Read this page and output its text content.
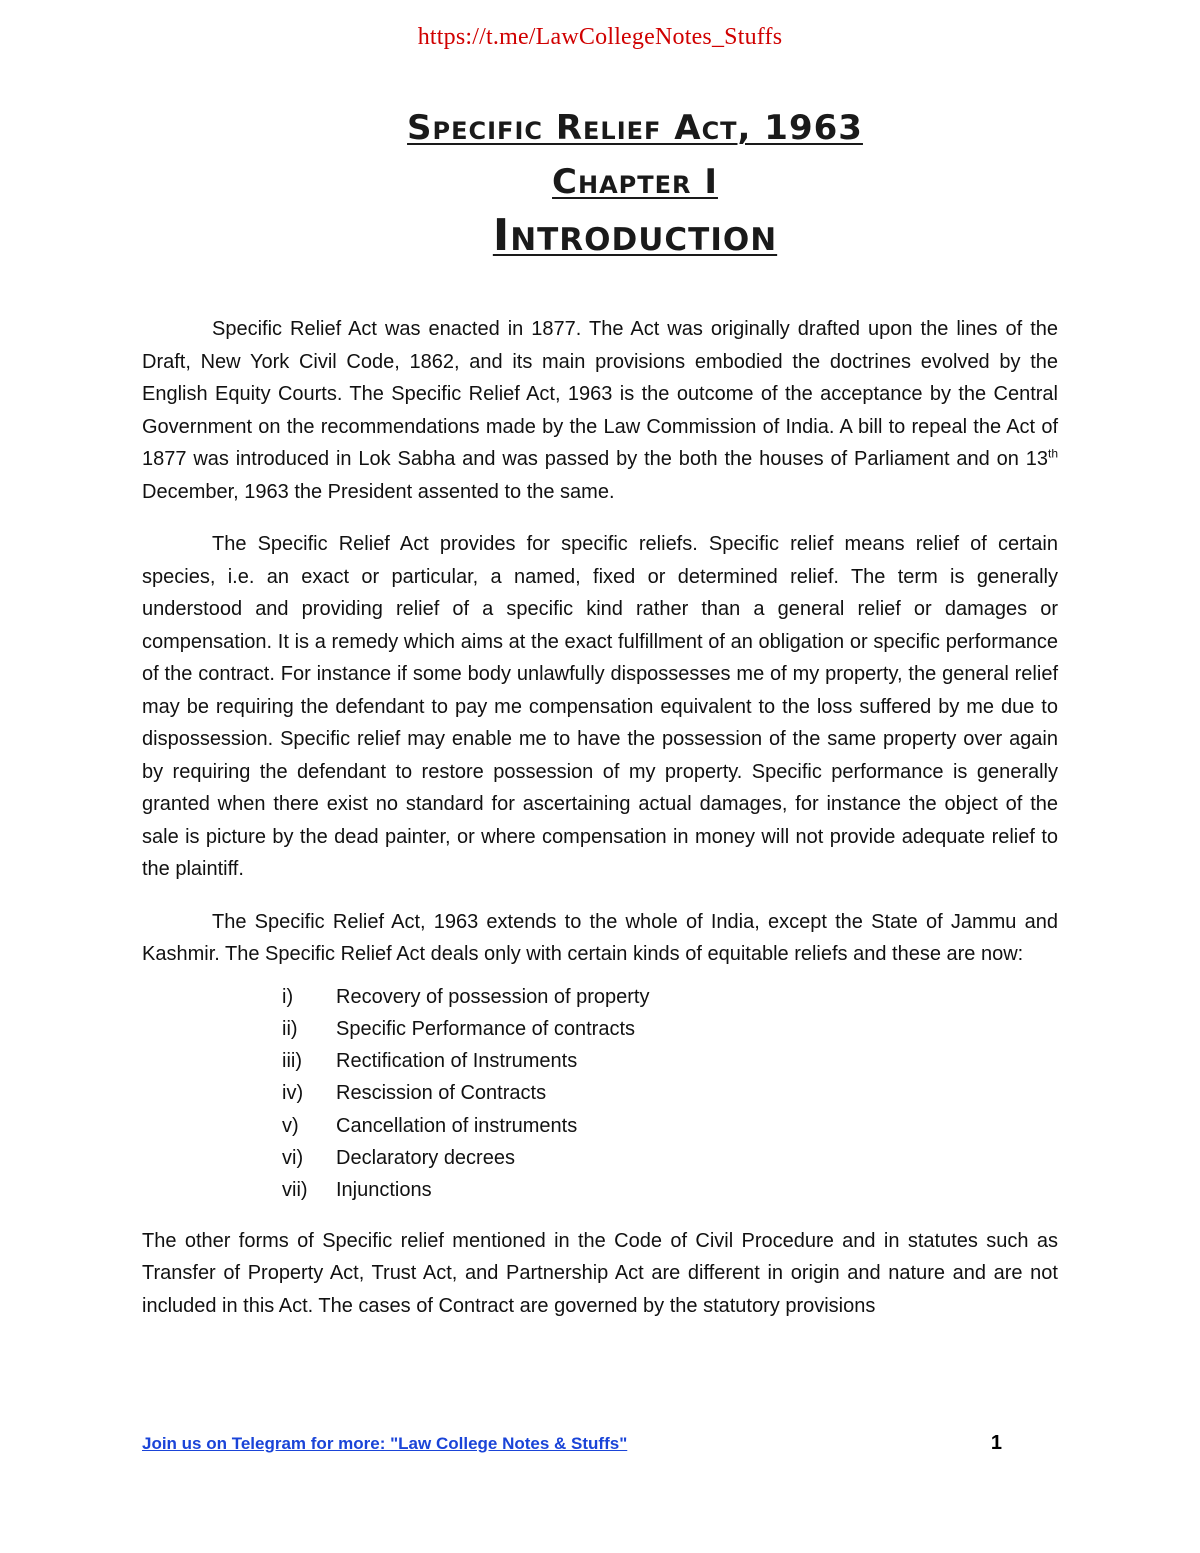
https://t.me/LawCollegeNotes_Stuffs
Specific Relief Act, 1963
Chapter I
Introduction

Specific Relief Act was enacted in 1877. The Act was originally drafted upon the lines of the Draft, New York Civil Code, 1862, and its main provisions embodied the doctrines evolved by the English Equity Courts. The Specific Relief Act, 1963 is the outcome of the acceptance by the Central Government on the recommendations made by the Law Commission of India. A bill to repeal the Act of 1877 was introduced in Lok Sabha and was passed by the both the houses of Parliament and on 13th December, 1963 the President assented to the same.

The Specific Relief Act provides for specific reliefs. Specific relief means relief of certain species, i.e. an exact or particular, a named, fixed or determined relief. The term is generally understood and providing relief of a specific kind rather than a general relief or damages or compensation. It is a remedy which aims at the exact fulfillment of an obligation or specific performance of the contract. For instance if some body unlawfully dispossesses me of my property, the general relief may be requiring the defendant to pay me compensation equivalent to the loss suffered by me due to dispossession. Specific relief may enable me to have the possession of the same property over again by requiring the defendant to restore possession of my property. Specific performance is generally granted when there exist no standard for ascertaining actual damages, for instance the object of the sale is picture by the dead painter, or where compensation in money will not provide adequate relief to the plaintiff.

The Specific Relief Act, 1963 extends to the whole of India, except the State of Jammu and Kashmir. The Specific Relief Act deals only with certain kinds of equitable reliefs and these are now:

i)	Recovery of possession of property
ii)	Specific Performance of contracts
iii)	Rectification of Instruments
iv)	Rescission of Contracts
v)	Cancellation of instruments
vi)	Declaratory decrees
vii)	Injunctions

The other forms of Specific relief mentioned in the Code of Civil Procedure and in statutes such as Transfer of Property Act, Trust Act, and Partnership Act are different in origin and nature and are not included in this Act. The cases of Contract are governed by the statutory provisions

Join us on Telegram for more: "Law College Notes & Stuffs"	1
